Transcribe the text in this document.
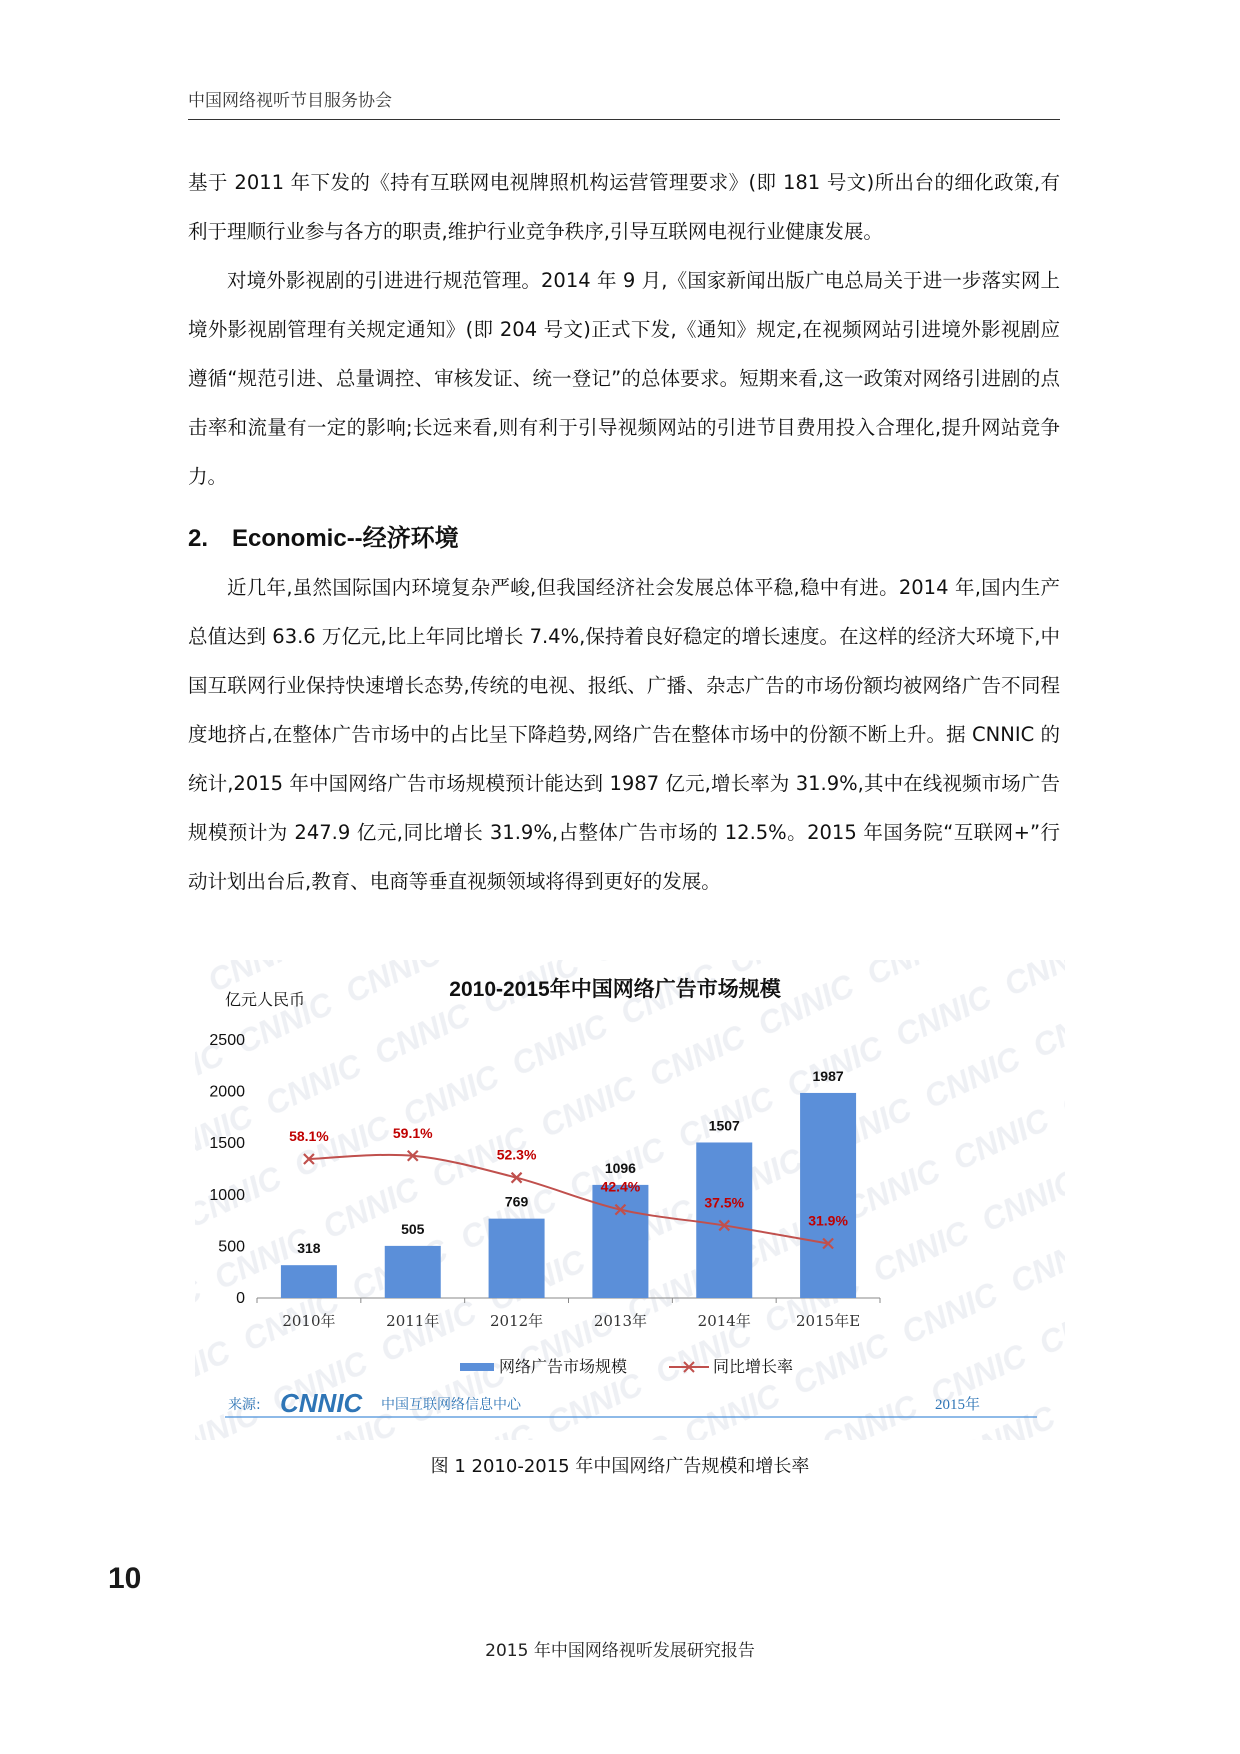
中国网络视听节目服务协会

基于 2011 年下发的《持有互联网电视牌照机构运营管理要求》(即 181 号文)所出台的细化政策,有利于理顺行业参与各方的职责,维护行业竞争秩序,引导互联网电视行业健康发展。

对境外影视剧的引进进行规范管理。2014 年 9 月,《国家新闻出版广电总局关于进一步落实网上境外影视剧管理有关规定通知》(即 204 号文)正式下发,《通知》规定,在视频网站引进境外影视剧应遵循“规范引进、总量调控、审核发证、统一登记”的总体要求。短期来看,这一政策对网络引进剧的点击率和流量有一定的影响;长远来看,则有利于引导视频网站的引进节目费用投入合理化,提升网站竞争力。

2. Economic--经济环境

近几年,虽然国际国内环境复杂严峻,但我国经济社会发展总体平稳,稳中有进。2014 年,国内生产总值达到 63.6 万亿元,比上年同比增长 7.4%,保持着良好稳定的增长速度。在这样的经济大环境下,中国互联网行业保持快速增长态势,传统的电视、报纸、广播、杂志广告的市场份额均被网络广告不同程度地挤占,在整体广告市场中的占比呈下降趋势,网络广告在整体市场中的份额不断上升。据 CNNIC 的统计,2015 年中国网络广告市场规模预计能达到 1987 亿元,增长率为 31.9%,其中在线视频市场广告规模预计为 247.9 亿元,同比增长 31.9%,占整体广告市场的 12.5%。2015 年国务院“互联网+”行动计划出台后,教育、电商等垂直视频领域将得到更好的发展。

2010-2015年中国网络广告市场规模
亿元人民币
0
500
1000
1500
2000
2500
318
2010年
505
2011年
769
2012年
1096
2013年
1507
2014年
1987
2015年E
58.1%	59.1%
52.3%
42.4%
37.5%
31.9%
网络广告市场规模	同比增长率
来源: CNNIC 中国互联网络信息中心	2015年
图 1 2010-2015 年中国网络广告规模和增长率
10
2015 年中国网络视听发展研究报告
